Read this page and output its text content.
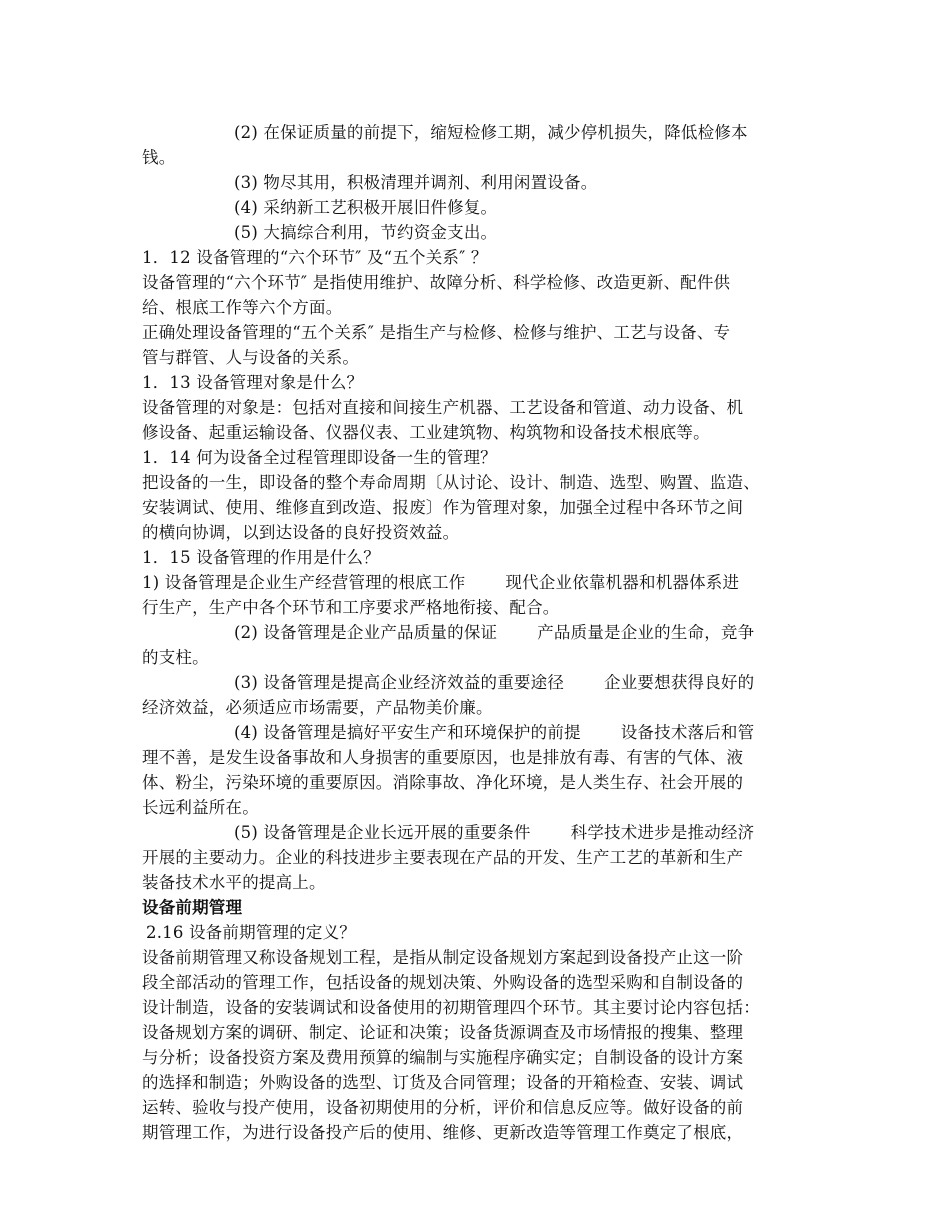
(2) 在保证质量的前提下，缩短检修工期，减少停机损失，降低检修本
钱。
(3) 物尽其用，积极清理并调剂、利用闲置设备。
(4) 采纳新工艺积极开展旧件修复。
(5) 大搞综合利用，节约资金支出。
1．12 设备管理的“六个环节″ 及“五个关系″ ？
设备管理的“六个环节″ 是指使用维护、故障分析、科学检修、改造更新、配件供
给、根底工作等六个方面。
正确处理设备管理的“五个关系″ 是指生产与检修、检修与维护、工艺与设备、专
管与群管、人与设备的关系。
1．13 设备管理对象是什么？
设备管理的对象是：包括对直接和间接生产机器、工艺设备和管道、动力设备、机
修设备、起重运输设备、仪器仪表、工业建筑物、构筑物和设备技术根底等。
1．14 何为设备全过程管理即设备一生的管理？
把设备的一生，即设备的整个寿命周期〔从讨论、设计、制造、选型、购置、监造、
安装调试、使用、维修直到改造、报废〕作为管理对象，加强全过程中各环节之间
的横向协调，以到达设备的良好投资效益。
1．15 设备管理的作用是什么？
1) 设备管理是企业生产经营管理的根底工作 现代企业依靠机器和机器体系进
行生产，生产中各个环节和工序要求严格地衔接、配合。
(2) 设备管理是企业产品质量的保证 产品质量是企业的生命，竞争
的支柱。
(3) 设备管理是提高企业经济效益的重要途径 企业要想获得良好的
经济效益，必须适应市场需要，产品物美价廉。
(4) 设备管理是搞好平安生产和环境保护的前提 设备技术落后和管
理不善，是发生设备事故和人身损害的重要原因，也是排放有毒、有害的气体、液
体、粉尘，污染环境的重要原因。消除事故、净化环境，是人类生存、社会开展的
长远利益所在。
(5) 设备管理是企业长远开展的重要条件 科学技术进步是推动经济
开展的主要动力。企业的科技进步主要表现在产品的开发、生产工艺的革新和生产
装备技术水平的提高上。
设备前期管理
2.16 设备前期管理的定义？
设备前期管理又称设备规划工程，是指从制定设备规划方案起到设备投产止这一阶
段全部活动的管理工作，包括设备的规划决策、外购设备的选型采购和自制设备的
设计制造，设备的安装调试和设备使用的初期管理四个环节。其主要讨论内容包括：
设备规划方案的调研、制定、论证和决策；设备货源调查及市场情报的搜集、整理
与分析；设备投资方案及费用预算的编制与实施程序确实定；自制设备的设计方案
的选择和制造；外购设备的选型、订货及合同管理；设备的开箱检查、安装、调试
运转、验收与投产使用，设备初期使用的分析，评价和信息反应等。做好设备的前
期管理工作，为进行设备投产后的使用、维修、更新改造等管理工作奠定了根底，
